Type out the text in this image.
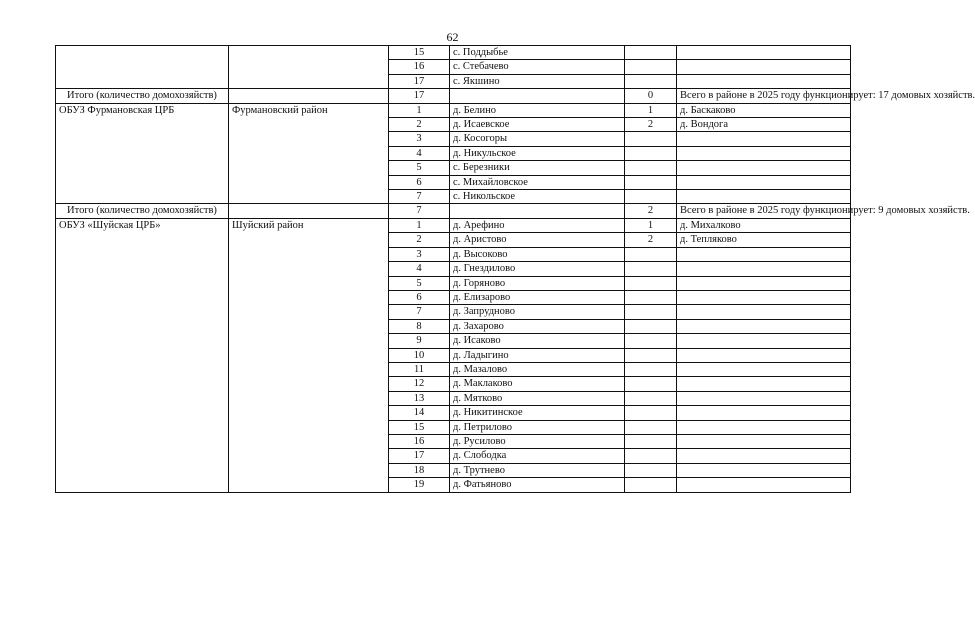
62
		15	с. Поддыбье		
		16	с. Стебачево		
		17	с. Якшино		
Итого (количество домохозяйств)		17		0	Всего в районе в 2025 году функционирует: 17 домовых хозяйств.
ОБУЗ Фурмановская ЦРБ	Фурмановский район	1	д. Белино	1	д. Баскаково
		2	д. Исаевское	2	д. Вондога
		3	д. Косогоры		
		4	д. Никульское		
		5	с. Березники		
		6	с. Михайловское		
		7	с. Никольское		
Итого (количество домохозяйств)		7		2	Всего в районе в 2025 году функционирует: 9 домовых хозяйств.
ОБУЗ «Шуйская ЦРБ»	Шуйский район	1	д. Арефино	1	д. Михалково
		2	д. Аристово	2	д. Тепляково
		3	д. Высоково		
		4	д. Гнездилово		
		5	д. Горяново		
		6	д. Елизарово		
		7	д. Запрудново		
		8	д. Захарово		
		9	д. Исаково		
		10	д. Ладыгино		
		11	д. Мазалово		
		12	д. Маклаково		
		13	д. Мятково		
		14	д. Никитинское		
		15	д. Петрилово		
		16	д. Русилово		
		17	д. Слободка		
		18	д. Трутнево		
		19	д. Фатьяново		
